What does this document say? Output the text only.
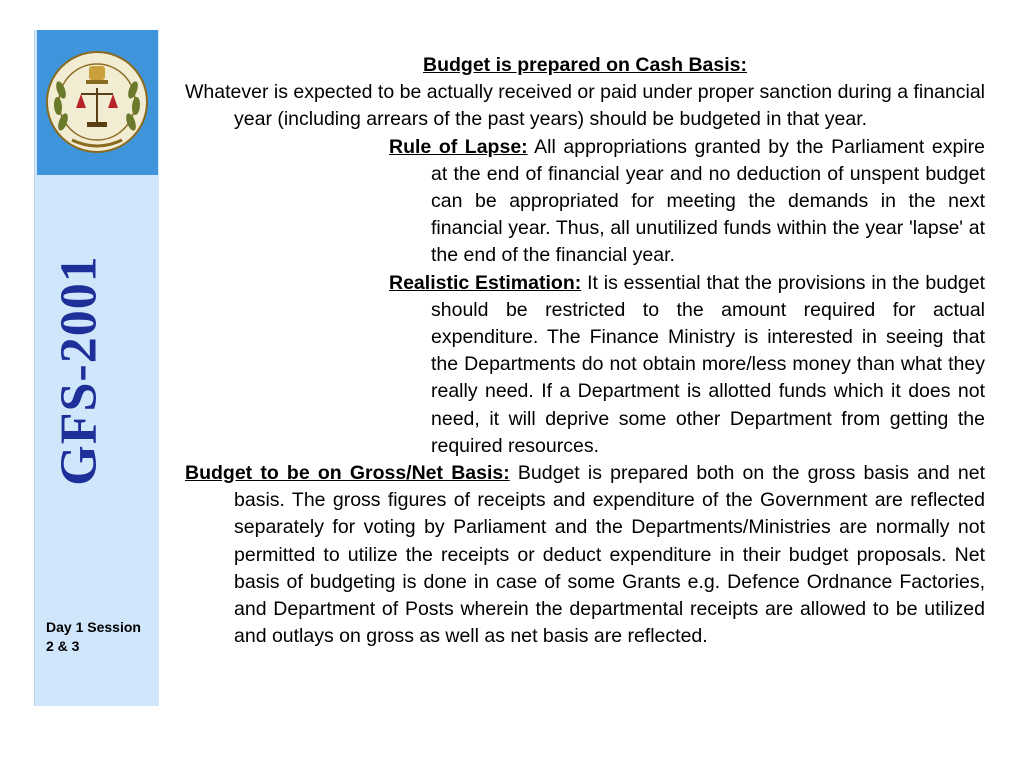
GFS-2001
Day 1 Session 2 & 3
Budget is prepared on Cash Basis:

Whatever is expected to be actually received or paid under proper sanction during a financial year (including arrears of the past years) should be budgeted in that year.

Rule of Lapse: All appropriations granted by the Parliament expire at the end of financial year and no deduction of unspent budget can be appropriated for meeting the demands in the next financial year. Thus, all unutilized funds within the year 'lapse' at the end of the financial year.

Realistic Estimation: It is essential that the provisions in the budget should be restricted to the amount required for actual expenditure. The Finance Ministry is interested in seeing that the Departments do not obtain more/less money than what they really need. If a Department is allotted funds which it does not need, it will deprive some other Department from getting the required resources.

Budget to be on Gross/Net Basis: Budget is prepared both on the gross basis and net basis. The gross figures of receipts and expenditure of the Government are reflected separately for voting by Parliament and the Departments/Ministries are normally not permitted to utilize the receipts or deduct expenditure in their budget proposals. Net basis of budgeting is done in case of some Grants e.g. Defence Ordnance Factories, and Department of Posts wherein the departmental receipts are allowed to be utilized and outlays on gross as well as net basis are reflected.
